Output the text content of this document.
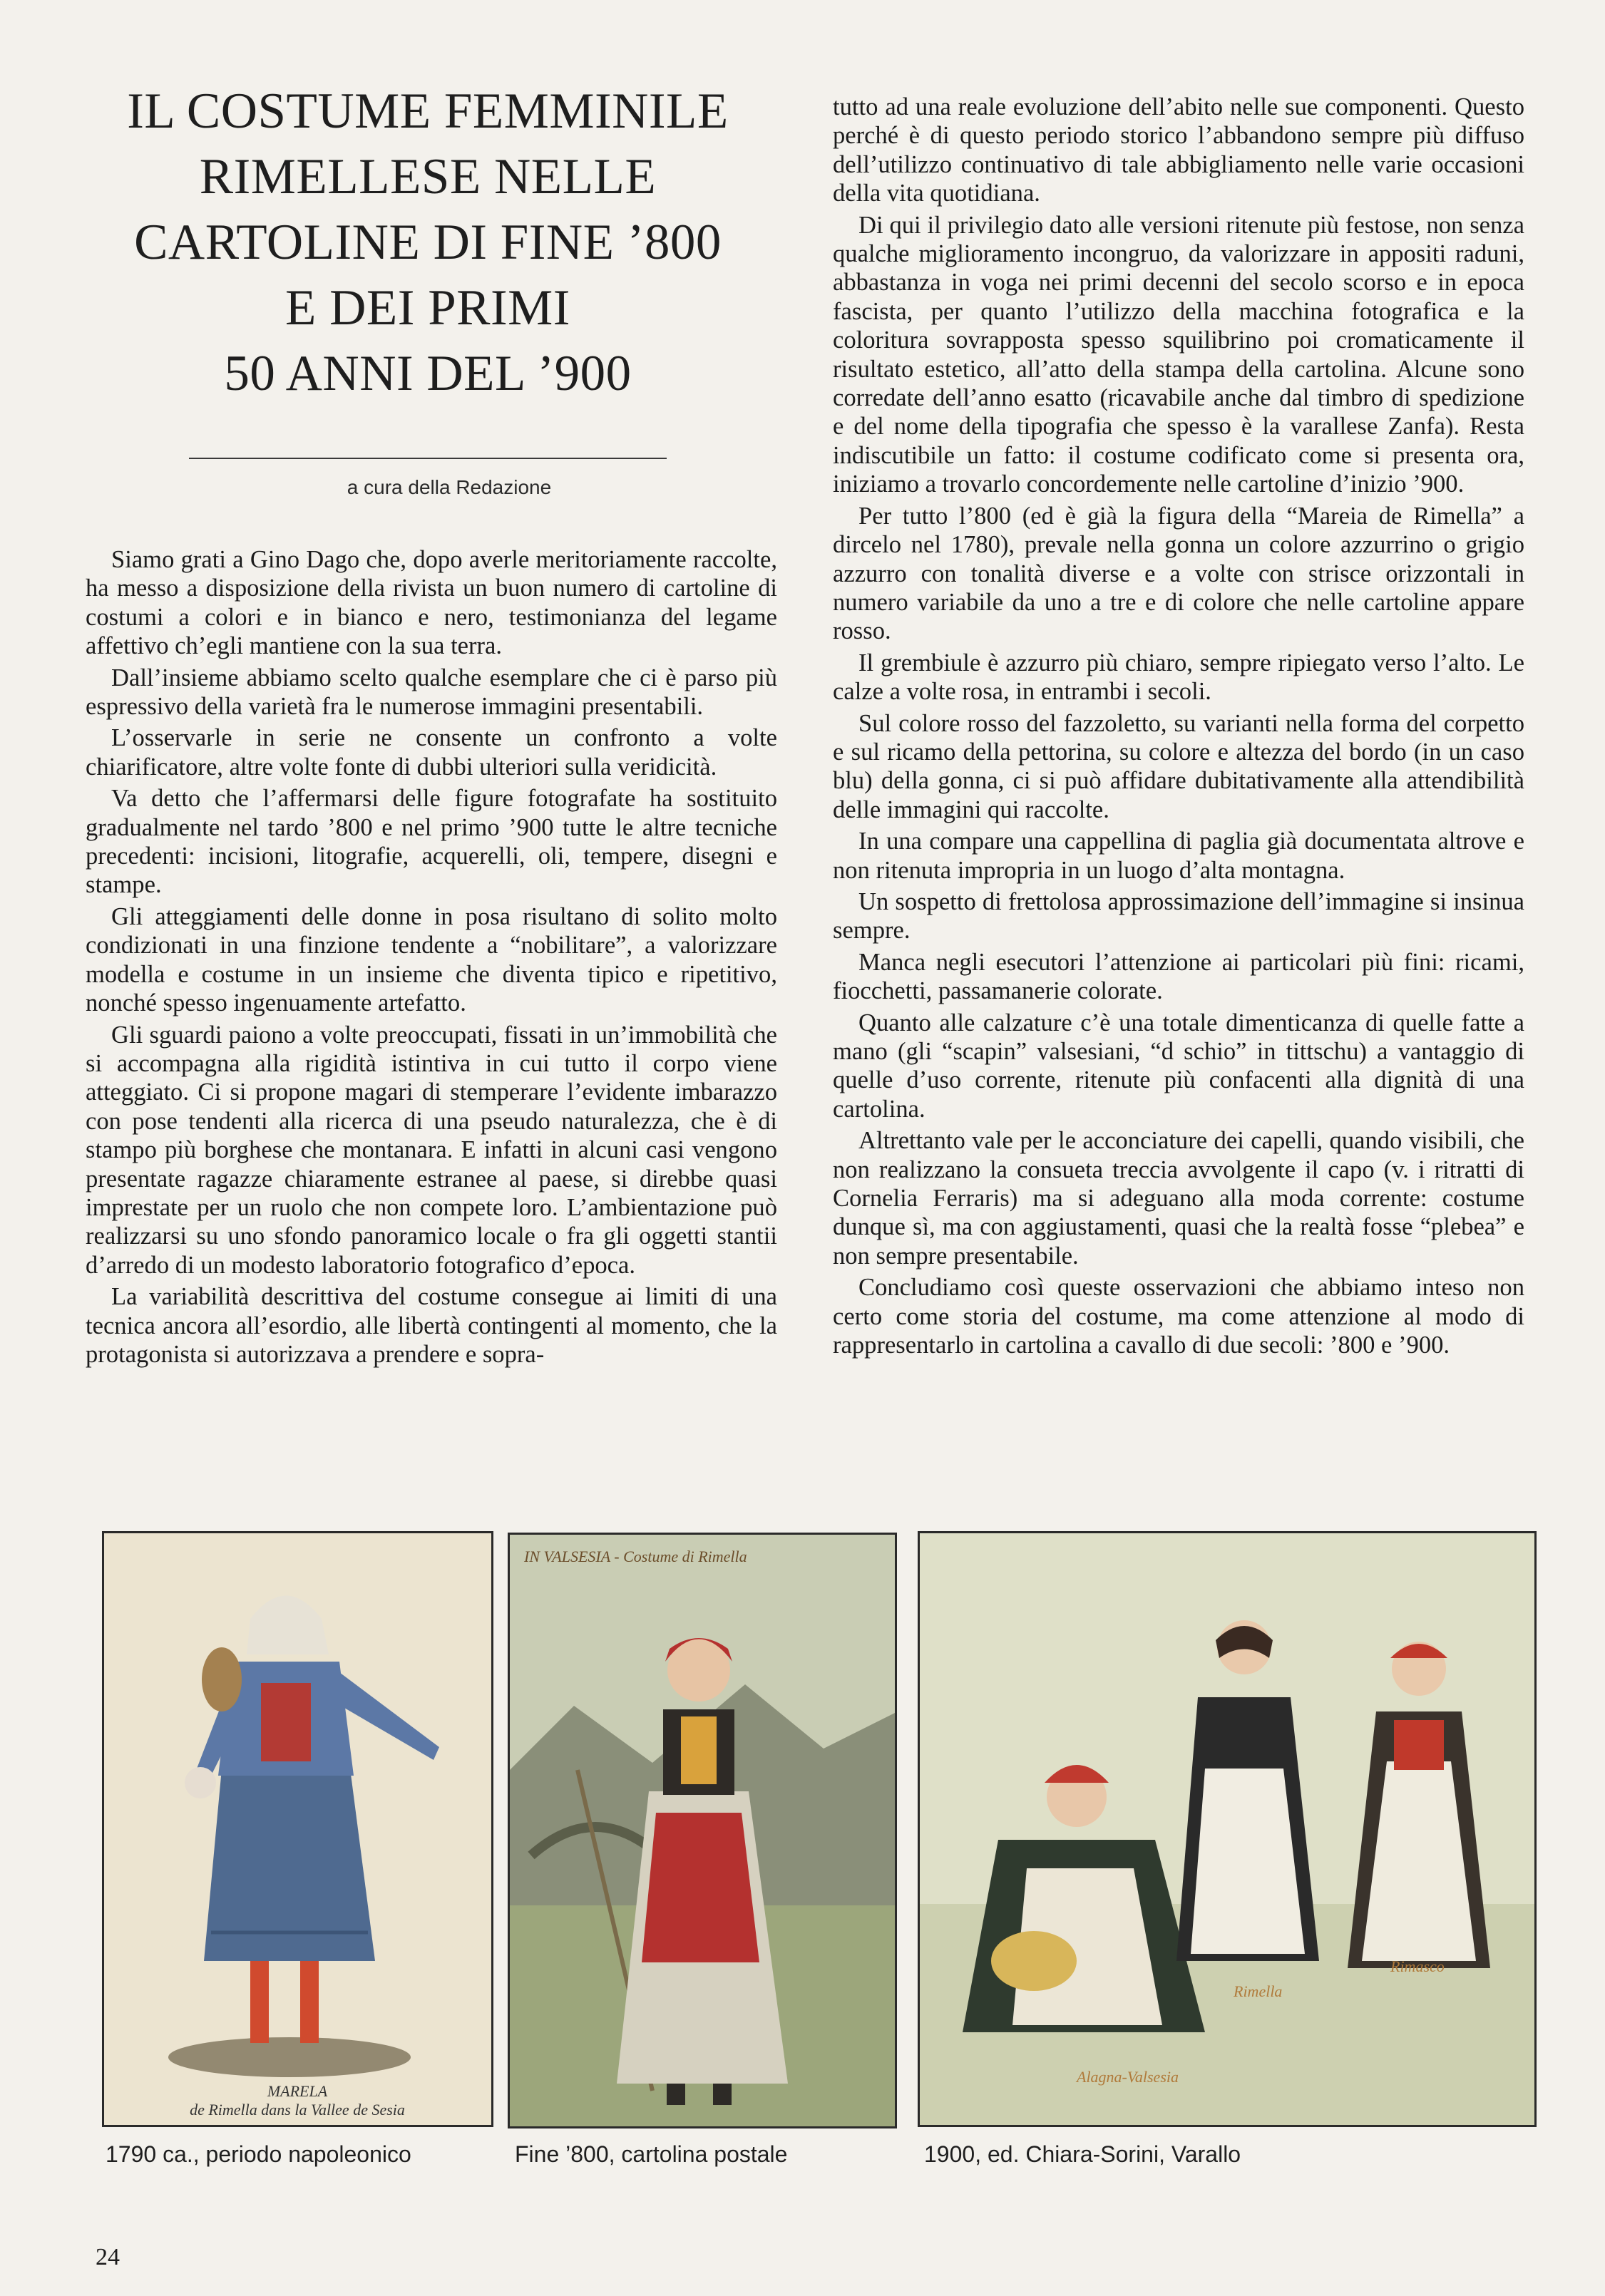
IL COSTUME FEMMINILE
RIMELLESE NELLE
CARTOLINE DI FINE ’800
E DEI PRIMI
50 ANNI DEL ’900
a cura della Redazione

Siamo grati a Gino Dago che, dopo averle meritoriamente raccolte, ha messo a disposizione della rivista un buon numero di cartoline di costumi a colori e in bianco e nero, testimonianza del legame affettivo ch’egli mantiene con la sua terra.

Dall’insieme abbiamo scelto qualche esemplare che ci è parso più espressivo della varietà fra le numerose immagini presentabili.

L’osservarle in serie ne consente un confronto a volte chiarificatore, altre volte fonte di dubbi ulteriori sulla veridicità.

Va detto che l’affermarsi delle figure fotografate ha sostituito gradualmente nel tardo ’800 e nel primo ’900 tutte le altre tecniche precedenti: incisioni, litografie, acquerelli, oli, tempere, disegni e stampe.

Gli atteggiamenti delle donne in posa risultano di solito molto condizionati in una finzione tendente a “nobilitare”, a valorizzare modella e costume in un insieme che diventa tipico e ripetitivo, nonché spesso ingenuamente artefatto.

Gli sguardi paiono a volte preoccupati, fissati in un’immobilità che si accompagna alla rigidità istintiva in cui tutto il corpo viene atteggiato. Ci si propone magari di stemperare l’evidente imbarazzo con pose tendenti alla ricerca di una pseudo naturalezza, che è di stampo più borghese che montanara. E infatti in alcuni casi vengono presentate ragazze chiaramente estranee al paese, si direbbe quasi imprestate per un ruolo che non compete loro. L’ambientazione può realizzarsi su uno sfondo panoramico locale o fra gli oggetti stantii d’arredo di un modesto laboratorio fotografico d’epoca.

La variabilità descrittiva del costume consegue ai limiti di una tecnica ancora all’esordio, alle libertà contingenti al momento, che la protagonista si autorizzava a prendere e sopra-

tutto ad una reale evoluzione dell’abito nelle sue componenti. Questo perché è di questo periodo storico l’abbandono sempre più diffuso dell’utilizzo continuativo di tale abbigliamento nelle varie occasioni della vita quotidiana.

Di qui il privilegio dato alle versioni ritenute più festose, non senza qualche miglioramento incongruo, da valorizzare in appositi raduni, abbastanza in voga nei primi decenni del secolo scorso e in epoca fascista, per quanto l’utilizzo della macchina fotografica e la coloritura sovrapposta spesso squilibrino poi cromaticamente il risultato estetico, all’atto della stampa della cartolina. Alcune sono corredate dell’anno esatto (ricavabile anche dal timbro di spedizione e del nome della tipografia che spesso è la varallese Zanfa). Resta indiscutibile un fatto: il costume codificato come si presenta ora, iniziamo a trovarlo concordemente nelle cartoline d’inizio ’900.

Per tutto l’800 (ed è già la figura della “Mareia de Rimella” a dircelo nel 1780), prevale nella gonna un colore azzurrino o grigio azzurro con tonalità diverse e a volte con strisce orizzontali in numero variabile da uno a tre e di colore che nelle cartoline appare rosso.

Il grembiule è azzurro più chiaro, sempre ripiegato verso l’alto. Le calze a volte rosa, in entrambi i secoli.

Sul colore rosso del fazzoletto, su varianti nella forma del corpetto e sul ricamo della pettorina, su colore e altezza del bordo (in un caso blu) della gonna, ci si può affidare dubitativamente alla attendibilità delle immagini qui raccolte.

In una compare una cappellina di paglia già documentata altrove e non ritenuta impropria in un luogo d’alta montagna.

Un sospetto di frettolosa approssimazione dell’immagine si insinua sempre.

Manca negli esecutori l’attenzione ai particolari più fini: ricami, fiocchetti, passamanerie colorate.

Quanto alle calzature c’è una totale dimenticanza di quelle fatte a mano (gli “scapin” valsesiani, “d schio” in tittschu) a vantaggio di quelle d’uso corrente, ritenute più confacenti alla dignità di una cartolina.

Altrettanto vale per le acconciature dei capelli, quando visibili, che non realizzano la consueta treccia avvolgente il capo (v. i ritratti di Cornelia Ferraris) ma si adeguano alla moda corrente: costume dunque sì, ma con aggiustamenti, quasi che la realtà fosse “plebea” e non sempre presentabile.

Concludiamo così queste osservazioni che abbiamo inteso non certo come storia del costume, ma come attenzione al modo di rappresentarlo in cartolina a cavallo di due secoli: ’800 e ’900.

MARELA
de Rimella dans la Vallee de Sesia
IN VALSESIA - Costume di Rimella
Rimella
Rimasco
Alagna-Valsesia
1790 ca., periodo napoleonico	Fine ’800, cartolina postale	1900, ed. Chiara-Sorini, Varallo
24
